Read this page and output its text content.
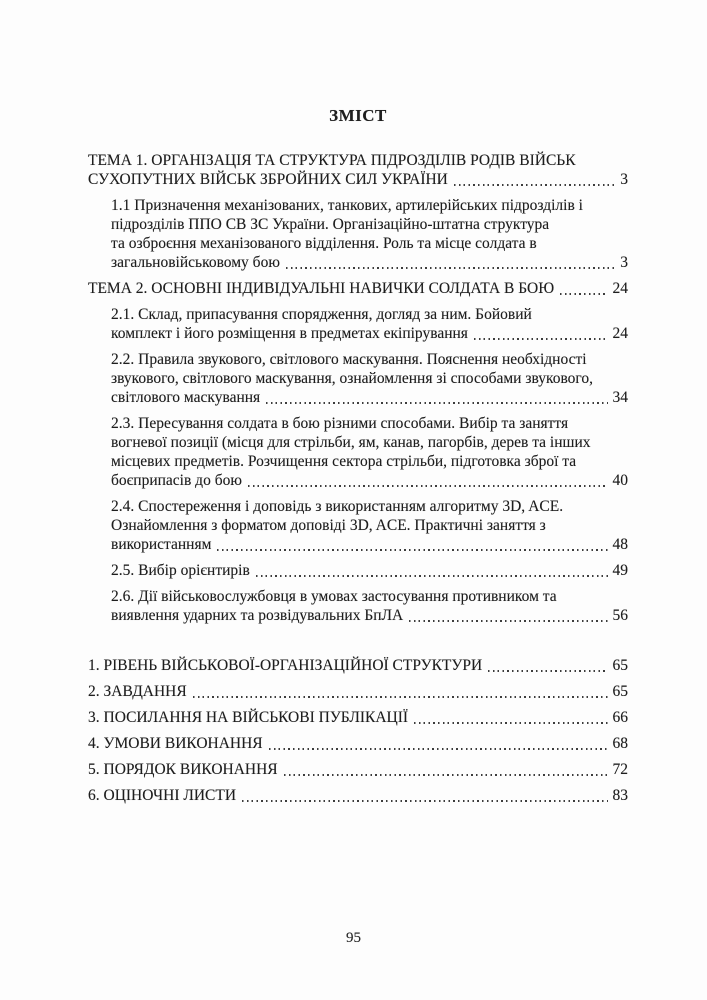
ЗМІСТ
ТЕМА 1. ОРГАНІЗАЦІЯ ТА СТРУКТУРА ПІДРОЗДІЛІВ РОДІВ ВІЙСЬК
СУХОПУТНИХ ВІЙСЬК ЗБРОЙНИХ СИЛ УКРАЇНИ	3
1.1 Призначення механізованих, танкових, артилерійських підрозділів і
підрозділів ППО СВ ЗС України. Організаційно-штатна структура
та озброєння механізованого відділення. Роль та місце солдата в
загальновійськовому бою	3
ТЕМА 2. ОСНОВНІ ІНДИВІДУАЛЬНІ НАВИЧКИ СОЛДАТА В БОЮ	24
2.1. Склад, припасування спорядження, догляд за ним. Бойовий
комплект і його розміщення в предметах екіпірування	24
2.2. Правила звукового, світлового маскування. Пояснення необхідності
звукового, світлового маскування, ознайомлення зі способами звукового,
світлового маскування	34
2.3. Пересування солдата в бою різними способами. Вибір та заняття
вогневої позиції (місця для стрільби, ям, канав, пагорбів, дерев та інших
місцевих предметів. Розчищення сектора стрільби, підготовка зброї та
боєприпасів до бою	40
2.4. Спостереження і доповідь з використанням алгоритму 3D, ACE.
Ознайомлення з форматом доповіді 3D, ACE. Практичні заняття з
використанням	48
2.5. Вибір орієнтирів	49
2.6. Дії військовослужбовця в умовах застосування противником та
виявлення ударних та розвідувальних БпЛА	56
1. РІВЕНЬ ВІЙСЬКОВОЇ-ОРГАНІЗАЦІЙНОЇ СТРУКТУРИ	65
2. ЗАВДАННЯ	65
3. ПОСИЛАННЯ НА ВІЙСЬКОВІ ПУБЛІКАЦІЇ	66
4. УМОВИ ВИКОНАННЯ	68
5. ПОРЯДОК ВИКОНАННЯ	72
6. ОЦІНОЧНІ ЛИСТИ	83
95
